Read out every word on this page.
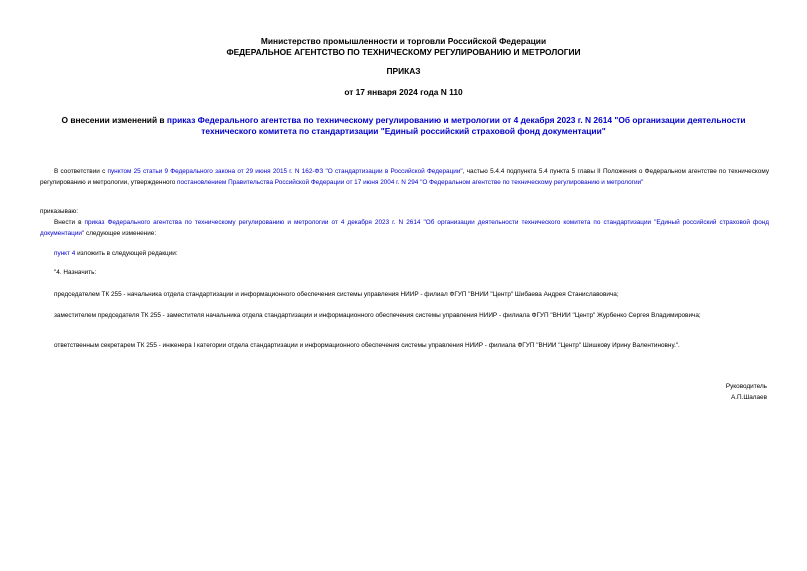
Министерство промышленности и торговли Российской Федерации
ФЕДЕРАЛЬНОЕ АГЕНТСТВО ПО ТЕХНИЧЕСКОМУ РЕГУЛИРОВАНИЮ И МЕТРОЛОГИИ
ПРИКАЗ
от 17 января 2024 года N 110
О внесении изменений в приказ Федерального агентства по техническому регулированию и метрологии от 4 декабря 2023 г. N 2614 "Об организации деятельности технического комитета по стандартизации "Единый российский страховой фонд документации"
В соответствии с пунктом 25 статьи 9 Федерального закона от 29 июня 2015 г. N 162-ФЗ "О стандартизации в Российской Федерации", частью 5.4.4 подпункта 5.4 пункта 5 главы II Положения о Федеральном агентстве по техническому регулированию и метрологии, утвержденного постановлением Правительства Российской Федерации от 17 июня 2004 г. N 294 "О Федеральном агентстве по техническому регулированию и метрологии"
приказываю:
Внести в приказ Федерального агентства по техническому регулированию и метрологии от 4 декабря 2023 г. N 2614 "Об организации деятельности технического комитета по стандартизации "Единый российский страховой фонд документации" следующее изменение:
пункт 4 изложить в следующей редакции:
"4. Назначить:
председателем ТК 255 - начальника отдела стандартизации и информационного обеспечения системы управления НИИР - филиал ФГУП "ВНИИ "Центр" Шибаева Андрея Станиславовича;
заместителем председателя ТК 255 - заместителя начальника отдела стандартизации и информационного обеспечения системы управления НИИР - филиала ФГУП "ВНИИ "Центр" Журбенко Сергея Владимировича;
ответственным секретарем ТК 255 - инженера I категории отдела стандартизации и информационного обеспечения системы управления НИИР - филиала ФГУП "ВНИИ "Центр" Шишкову Ирину Валентиновну.".
Руководитель
А.П.Шалаев
